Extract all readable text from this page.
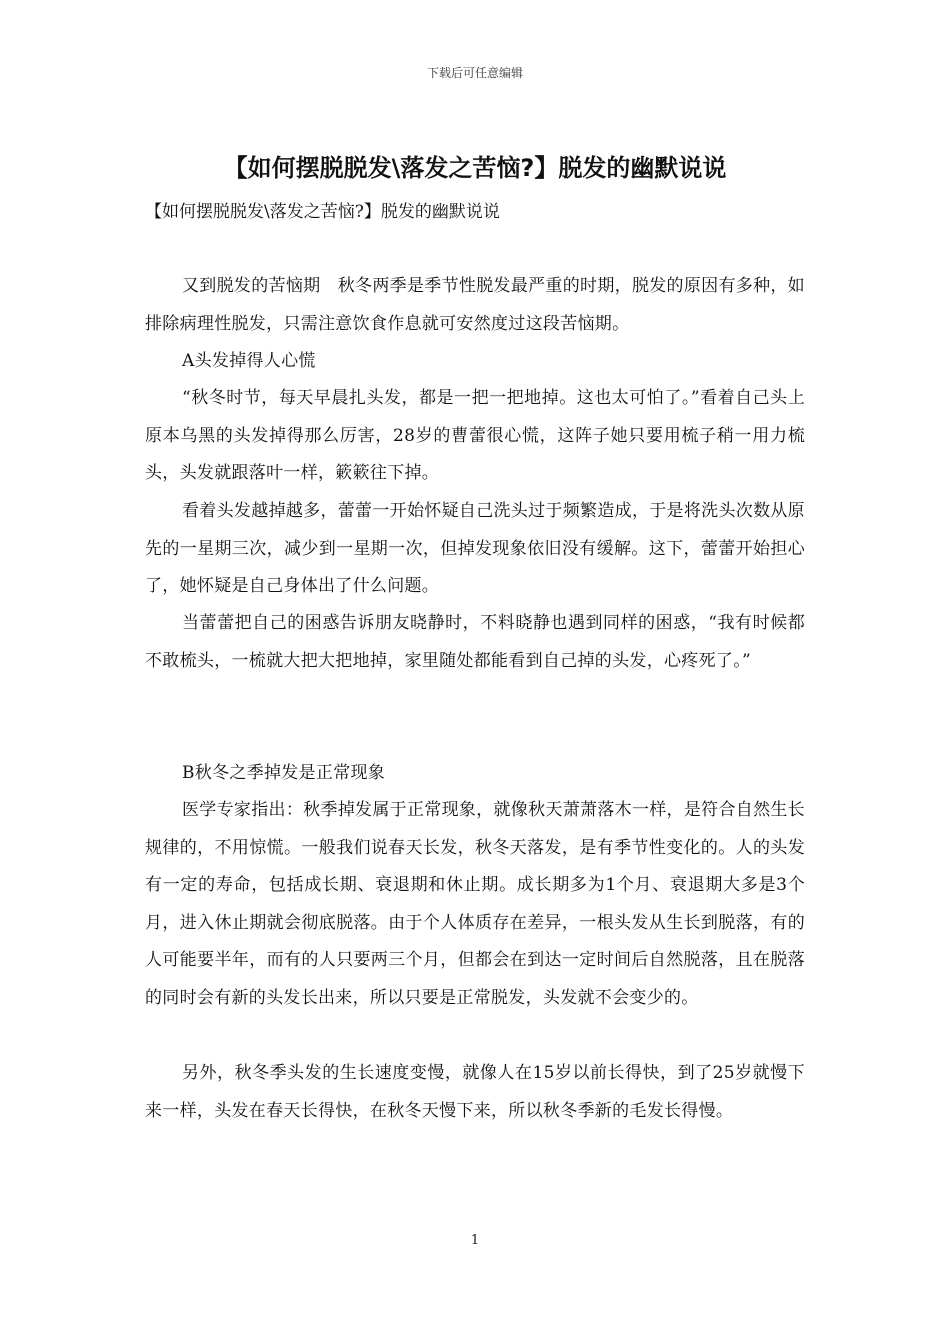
下载后可任意编辑
【如何摆脱脱发\落发之苦恼?】脱发的幽默说说

【如何摆脱脱发\落发之苦恼?】脱发的幽默说说

又到脱发的苦恼期　秋冬两季是季节性脱发最严重的时期，脱发的原因有多种，如排除病理性脱发，只需注意饮食作息就可安然度过这段苦恼期。

A头发掉得人心慌

“秋冬时节，每天早晨扎头发，都是一把一把地掉。这也太可怕了。”看着自己头上原本乌黑的头发掉得那么厉害，28岁的曹蕾很心慌，这阵子她只要用梳子稍一用力梳头，头发就跟落叶一样，簌簌往下掉。

看着头发越掉越多，蕾蕾一开始怀疑自己洗头过于频繁造成，于是将洗头次数从原先的一星期三次，减少到一星期一次，但掉发现象依旧没有缓解。这下，蕾蕾开始担心了，她怀疑是自己身体出了什么问题。

当蕾蕾把自己的困惑告诉朋友晓静时，不料晓静也遇到同样的困惑，“我有时候都不敢梳头，一梳就大把大把地掉，家里随处都能看到自己掉的头发，心疼死了。”

B秋冬之季掉发是正常现象

医学专家指出：秋季掉发属于正常现象，就像秋天萧萧落木一样，是符合自然生长规律的，不用惊慌。一般我们说春天长发，秋冬天落发，是有季节性变化的。人的头发有一定的寿命，包括成长期、衰退期和休止期。成长期多为1个月、衰退期大多是3个月，进入休止期就会彻底脱落。由于个人体质存在差异，一根头发从生长到脱落，有的人可能要半年，而有的人只要两三个月，但都会在到达一定时间后自然脱落，且在脱落的同时会有新的头发长出来，所以只要是正常脱发，头发就不会变少的。

另外，秋冬季头发的生长速度变慢，就像人在15岁以前长得快，到了25岁就慢下来一样，头发在春天长得快，在秋冬天慢下来，所以秋冬季新的毛发长得慢。

1
